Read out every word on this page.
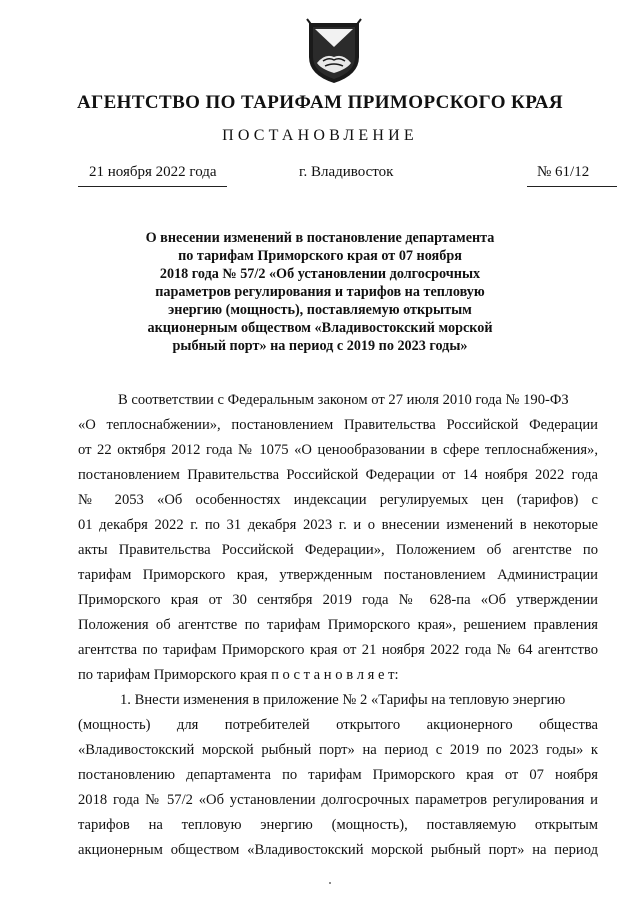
АГЕНТСТВО ПО ТАРИФАМ ПРИМОРСКОГО КРАЯ
ПОСТАНОВЛЕНИЕ
21 ноября 2022 года	г. Владивосток	№ 61/12
О внесении изменений в постановление департамента
по тарифам Приморского края от 07 ноября
2018 года № 57/2 «Об установлении долгосрочных
параметров регулирования и тарифов на тепловую
энергию (мощность), поставляемую открытым
акционерным обществом «Владивостокский морской
рыбный порт» на период с 2019 по 2023 годы»
В соответствии с Федеральным законом от 27 июля 2010 года № 190-ФЗ
«О теплоснабжении», постановлением Правительства Российской Федерации
от 22 октября 2012 года № 1075 «О ценообразовании в сфере теплоснабжения»,
постановлением Правительства Российской Федерации от 14 ноября 2022 года
№ 2053 «Об особенностях индексации регулируемых цен (тарифов) с
01 декабря 2022 г. по 31 декабря 2023 г. и о внесении изменений в некоторые
акты Правительства Российской Федерации», Положением об агентстве по
тарифам Приморского края, утвержденным постановлением Администрации
Приморского края от 30 сентября 2019 года № 628-па «Об утверждении
Положения об агентстве по тарифам Приморского края», решением правления
агентства по тарифам Приморского края от 21 ноября 2022 года № 64 агентство
по тарифам Приморского края п о с т а н о в л я е т:
1. Внести изменения в приложение № 2 «Тарифы на тепловую энергию
(мощность) для потребителей открытого акционерного общества
«Владивостокский морской рыбный порт» на период с 2019 по 2023 годы» к
постановлению департамента по тарифам Приморского края от 07 ноября
2018 года № 57/2 «Об установлении долгосрочных параметров регулирования и
тарифов на тепловую энергию (мощность), поставляемую открытым
акционерным обществом «Владивостокский морской рыбный порт» на период
